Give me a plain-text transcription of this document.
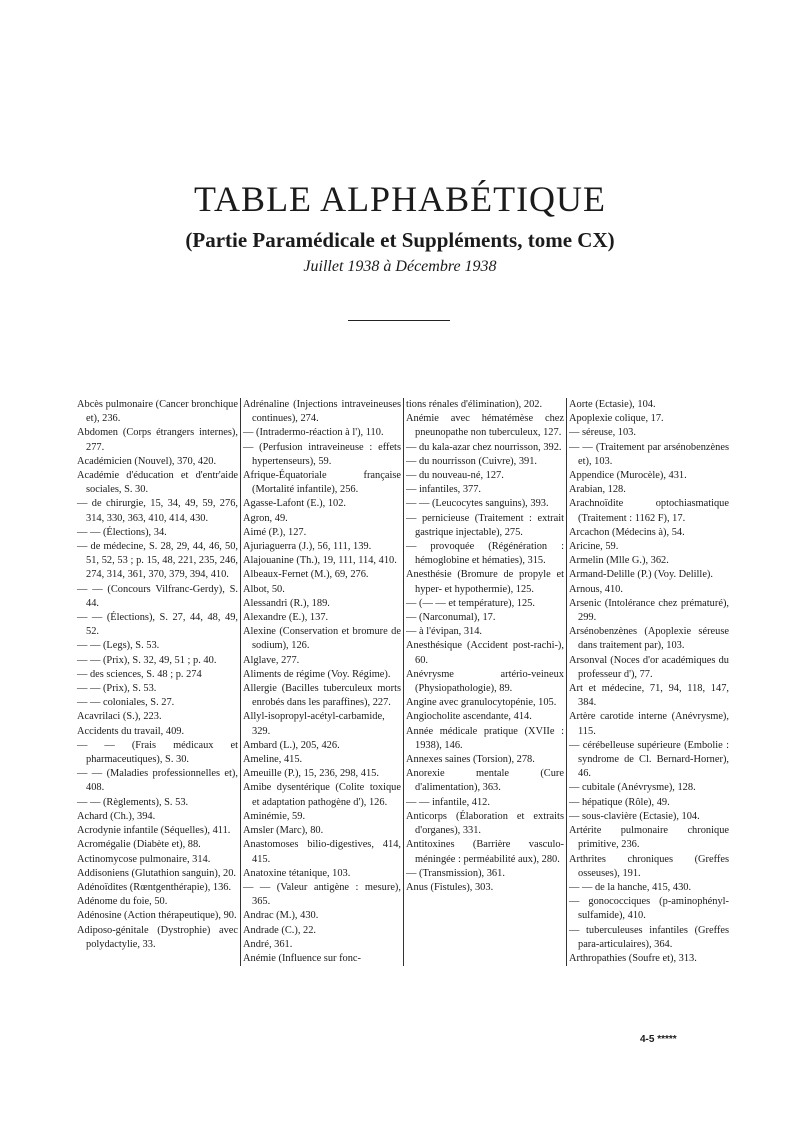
TABLE ALPHABÉTIQUE
(Partie Paramédicale et Suppléments, tome CX)
Juillet 1938 à Décembre 1938

Abcès pulmonaire (Cancer bronchique et), 236.

Abdomen (Corps étrangers internes), 277.

Académicien (Nouvel), 370, 420.

Académie d'éducation et d'entr'aide sociales, S. 30.

— de chirurgie, 15, 34, 49, 59, 276, 314, 330, 363, 410, 414, 430.

— — (Élections), 34.

— de médecine, S. 28, 29, 44, 46, 50, 51, 52, 53 ; p. 15, 48, 221, 235, 246, 274, 314, 361, 370, 379, 394, 410.

— — (Concours Vilfranc-Gerdy), S. 44.

— — (Élections), S. 27, 44, 48, 49, 52.

— — (Legs), S. 53.

— — (Prix), S. 32, 49, 51 ; p. 40.

— des sciences, S. 48 ; p. 274

— — (Prix), S. 53.

— — coloniales, S. 27.

Acavrilaci (S.), 223.

Accidents du travail, 409.

— — (Frais médicaux et pharmaceutiques), S. 30.

— — (Maladies professionnelles et), 408.

— — (Règlements), S. 53.

Achard (Ch.), 394.

Acrodynie infantile (Séquelles), 411.

Acromégalie (Diabète et), 88.

Actinomycose pulmonaire, 314.

Addisoniens (Glutathion sanguin), 20.

Adénoïdites (Rœntgenthérapie), 136.

Adénome du foie, 50.

Adénosine (Action thérapeutique), 90.

Adiposo-génitale (Dystrophie) avec polydactylie, 33.

Adrénaline (Injections intraveineuses continues), 274.

— (Intradermo-réaction à l'), 110.

— (Perfusion intraveineuse : effets hypertenseurs), 59.

Afrique-Équatoriale française (Mortalité infantile), 256.

Agasse-Lafont (E.), 102.

Agron, 49.

Aimé (P.), 127.

Ajuriaguerra (J.), 56, 111, 139.

Alajouanine (Th.), 19, 111, 114, 410.

Albeaux-Fernet (M.), 69, 276.

Albot, 50.

Alessandri (R.), 189.

Alexandre (E.), 137.

Alexine (Conservation et bromure de sodium), 126.

Alglave, 277.

Aliments de régime (Voy. Régime).

Allergie (Bacilles tuberculeux morts enrobés dans les paraffines), 227.

Allyl-isopropyl-acétyl-carbamide, 329.

Ambard (L.), 205, 426.

Ameline, 415.

Ameuille (P.), 15, 236, 298, 415.

Amibe dysentérique (Colite toxique et adaptation pathogène d'), 126.

Aminémie, 59.

Amsler (Marc), 80.

Anastomoses bilio-digestives, 414, 415.

Anatoxine tétanique, 103.

— — (Valeur antigène : mesure), 365.

Andrac (M.), 430.

Andrade (C.), 22.

André, 361.

Anémie (Influence sur fonc-

tions rénales d'élimination), 202.

Anémie avec hématémèse chez pneunopathe non tuberculeux, 127.

— du kala-azar chez nourrisson, 392.

— du nourrisson (Cuivre), 391.

— du nouveau-né, 127.

— infantiles, 377.

— — (Leucocytes sanguins), 393.

— pernicieuse (Traitement : extrait gastrique injectable), 275.

— provoquée (Régénération : hémoglobine et hématies), 315.

Anesthésie (Bromure de propyle et hyper- et hypothermie), 125.

— (— — et température), 125.

— (Narconumal), 17.

— à l'évipan, 314.

Anesthésique (Accident post-rachi-), 60.

Anévrysme artério-veineux (Physiopathologie), 89.

Angine avec granulocytopénie, 105.

Angiocholite ascendante, 414.

Année médicale pratique (XVIIe : 1938), 146.

Annexes saines (Torsion), 278.

Anorexie mentale (Cure d'alimentation), 363.

— — infantile, 412.

Anticorps (Élaboration et extraits d'organes), 331.

Antitoxines (Barrière vasculo-méningée : perméabilité aux), 280.

— (Transmission), 361.

Anus (Fistules), 303.

Aorte (Ectasie), 104.

Apoplexie colique, 17.

— séreuse, 103.

— — (Traitement par arsénobenzènes et), 103.

Appendice (Murocèle), 431.

Arabian, 128.

Arachnoïdite optochiasmatique (Traitement : 1162 F), 17.

Arcachon (Médecins à), 54.

Aricine, 59.

Armelin (Mlle G.), 362.

Armand-Delille (P.) (Voy. Delille).

Arnous, 410.

Arsenic (Intolérance chez prématuré), 299.

Arsénobenzènes (Apoplexie séreuse dans traitement par), 103.

Arsonval (Noces d'or académiques du professeur d'), 77.

Art et médecine, 71, 94, 118, 147, 384.

Artère carotide interne (Anévrysme), 115.

— cérébelleuse supérieure (Embolie : syndrome de Cl. Bernard-Horner), 46.

— cubitale (Anévrysme), 128.

— hépatique (Rôle), 49.

— sous-clavière (Ectasie), 104.

Artérite pulmonaire chronique primitive, 236.

Arthrites chroniques (Greffes osseuses), 191.

— — de la hanche, 415, 430.

— gonococciques (p-aminophényl-sulfamide), 410.

— tuberculeuses infantiles (Greffes para-articulaires), 364.

Arthropathies (Soufre et), 313.

4-5 *****
